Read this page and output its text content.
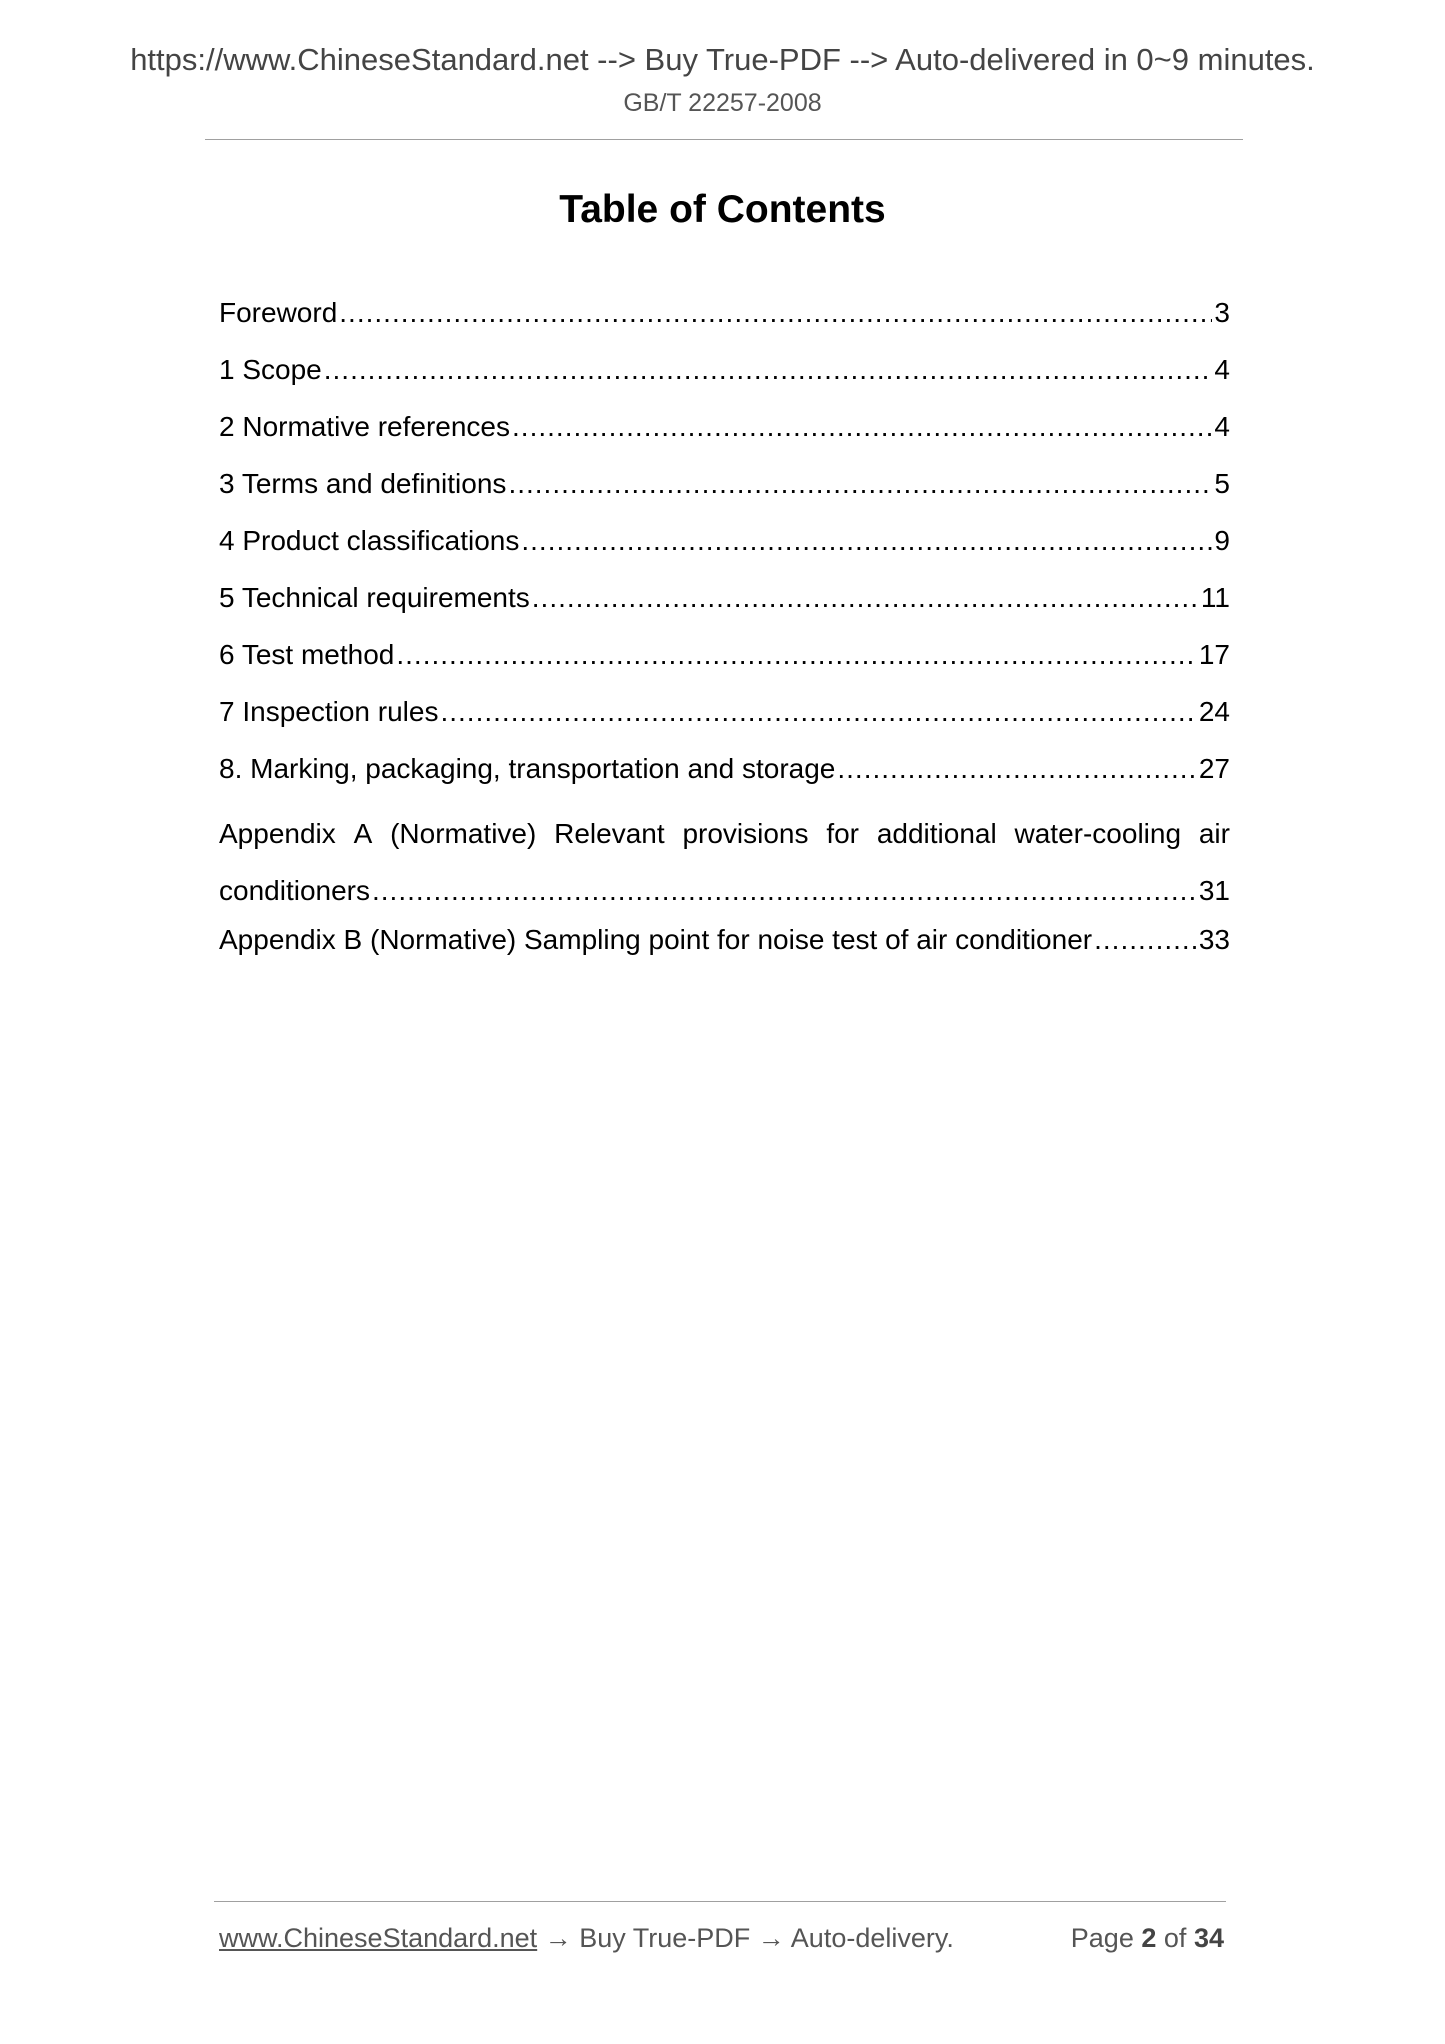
https://www.ChineseStandard.net --> Buy True-PDF --> Auto-delivered in 0~9 minutes.
GB/T 22257-2008
Table of Contents
Foreword .....	3
1 Scope .....	4
2 Normative references .....	4
3 Terms and definitions .....	5
4 Product classifications .....	9
5 Technical requirements .....	11
6 Test method .....	17
7 Inspection rules .....	24
8. Marking, packaging, transportation and storage .....	27
Appendix A (Normative) Relevant provisions for additional water-cooling air
conditioners .....	31
Appendix B (Normative) Sampling point for noise test of air conditioner .....	33
www.ChineseStandard.net → Buy True-PDF → Auto-delivery.	Page 2 of 34
